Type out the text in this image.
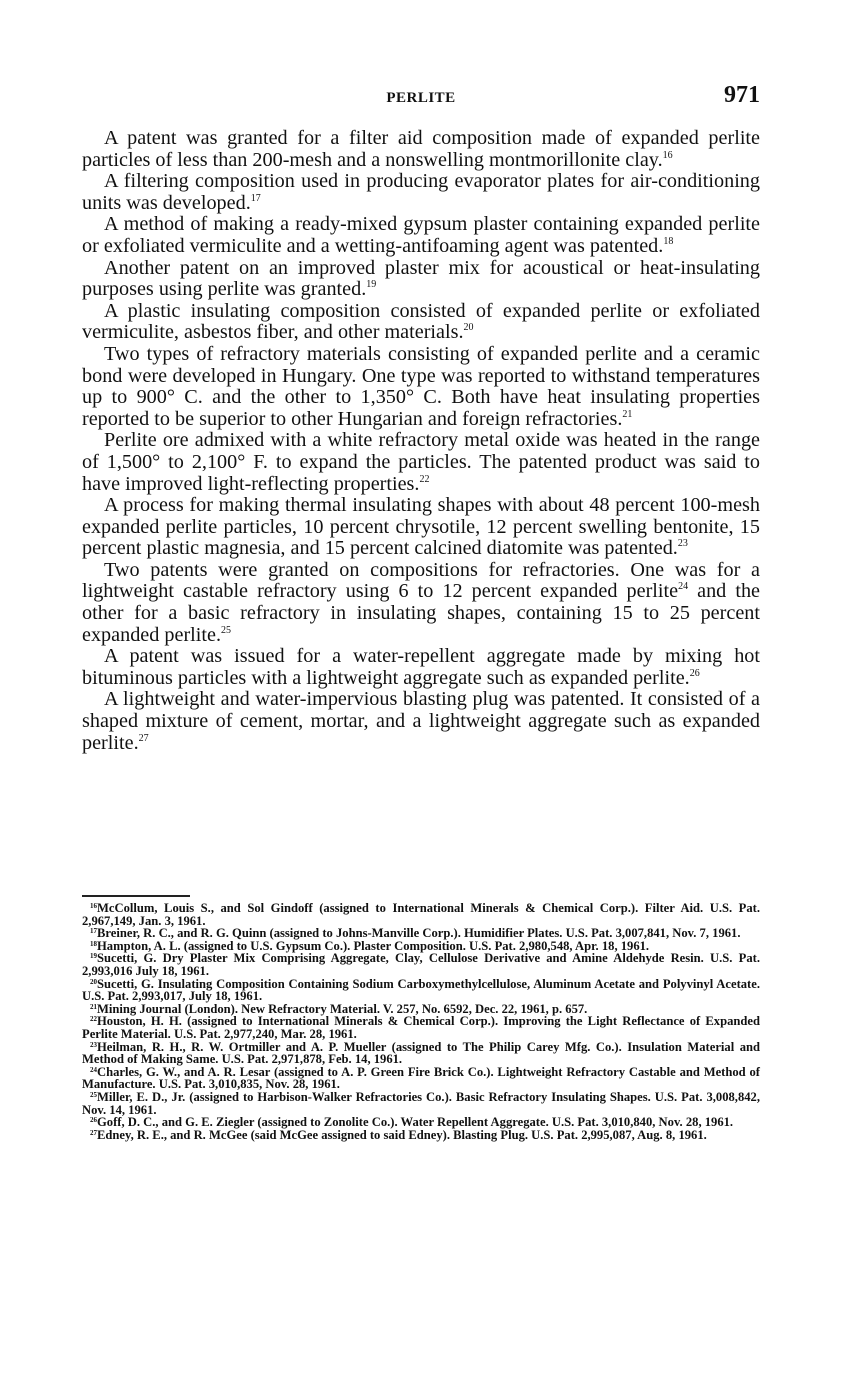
PERLITE	971

A patent was granted for a filter aid composition made of expanded perlite particles of less than 200-mesh and a nonswelling montmorillonite clay.$^{16}$

A filtering composition used in producing evaporator plates for air-conditioning units was developed.$^{17}$

A method of making a ready-mixed gypsum plaster containing expanded perlite or exfoliated vermiculite and a wetting-antifoaming agent was patented.$^{18}$

Another patent on an improved plaster mix for acoustical or heat-insulating purposes using perlite was granted.$^{19}$

A plastic insulating composition consisted of expanded perlite or exfoliated vermiculite, asbestos fiber, and other materials.$^{20}$

Two types of refractory materials consisting of expanded perlite and a ceramic bond were developed in Hungary. One type was reported to withstand temperatures up to 900° C. and the other to 1,350° C. Both have heat insulating properties reported to be superior to other Hungarian and foreign refractories.$^{21}$

Perlite ore admixed with a white refractory metal oxide was heated in the range of 1,500° to 2,100° F. to expand the particles. The patented product was said to have improved light-reflecting properties.$^{22}$

A process for making thermal insulating shapes with about 48 percent 100-mesh expanded perlite particles, 10 percent chrysotile, 12 percent swelling bentonite, 15 percent plastic magnesia, and 15 percent calcined diatomite was patented.$^{23}$

Two patents were granted on compositions for refractories. One was for a lightweight castable refractory using 6 to 12 percent expanded perlite$^{24}$ and the other for a basic refractory in insulating shapes, containing 15 to 25 percent expanded perlite.$^{25}$

A patent was issued for a water-repellent aggregate made by mixing hot bituminous particles with a lightweight aggregate such as expanded perlite.$^{26}$

A lightweight and water-impervious blasting plug was patented. It consisted of a shaped mixture of cement, mortar, and a lightweight aggregate such as expanded perlite.$^{27}$

$^{16}$McCollum, Louis S., and Sol Gindoff (assigned to International Minerals & Chemical Corp.). Filter Aid. U.S. Pat. 2,967,149, Jan. 3, 1961.

$^{17}$Breiner, R. C., and R. G. Quinn (assigned to Johns-Manville Corp.). Humidifier Plates. U.S. Pat. 3,007,841, Nov. 7, 1961.

$^{18}$Hampton, A. L. (assigned to U.S. Gypsum Co.). Plaster Composition. U.S. Pat. 2,980,548, Apr. 18, 1961.

$^{19}$Sucetti, G. Dry Plaster Mix Comprising Aggregate, Clay, Cellulose Derivative and Amine Aldehyde Resin. U.S. Pat. 2,993,016 July 18, 1961.

$^{20}$Sucetti, G. Insulating Composition Containing Sodium Carboxymethylcellulose, Aluminum Acetate and Polyvinyl Acetate. U.S. Pat. 2,993,017, July 18, 1961.

$^{21}$Mining Journal (London). New Refractory Material. V. 257, No. 6592, Dec. 22, 1961, p. 657.

$^{22}$Houston, H. H. (assigned to International Minerals & Chemical Corp.). Improving the Light Reflectance of Expanded Perlite Material. U.S. Pat. 2,977,240, Mar. 28, 1961.

$^{23}$Heilman, R. H., R. W. Ortmiller and A. P. Mueller (assigned to The Philip Carey Mfg. Co.). Insulation Material and Method of Making Same. U.S. Pat. 2,971,878, Feb. 14, 1961.

$^{24}$Charles, G. W., and A. R. Lesar (assigned to A. P. Green Fire Brick Co.). Lightweight Refractory Castable and Method of Manufacture. U.S. Pat. 3,010,835, Nov. 28, 1961.

$^{25}$Miller, E. D., Jr. (assigned to Harbison-Walker Refractories Co.). Basic Refractory Insulating Shapes. U.S. Pat. 3,008,842, Nov. 14, 1961.

$^{26}$Goff, D. C., and G. E. Ziegler (assigned to Zonolite Co.). Water Repellent Aggregate. U.S. Pat. 3,010,840, Nov. 28, 1961.

$^{27}$Edney, R. E., and R. McGee (said McGee assigned to said Edney). Blasting Plug. U.S. Pat. 2,995,087, Aug. 8, 1961.
